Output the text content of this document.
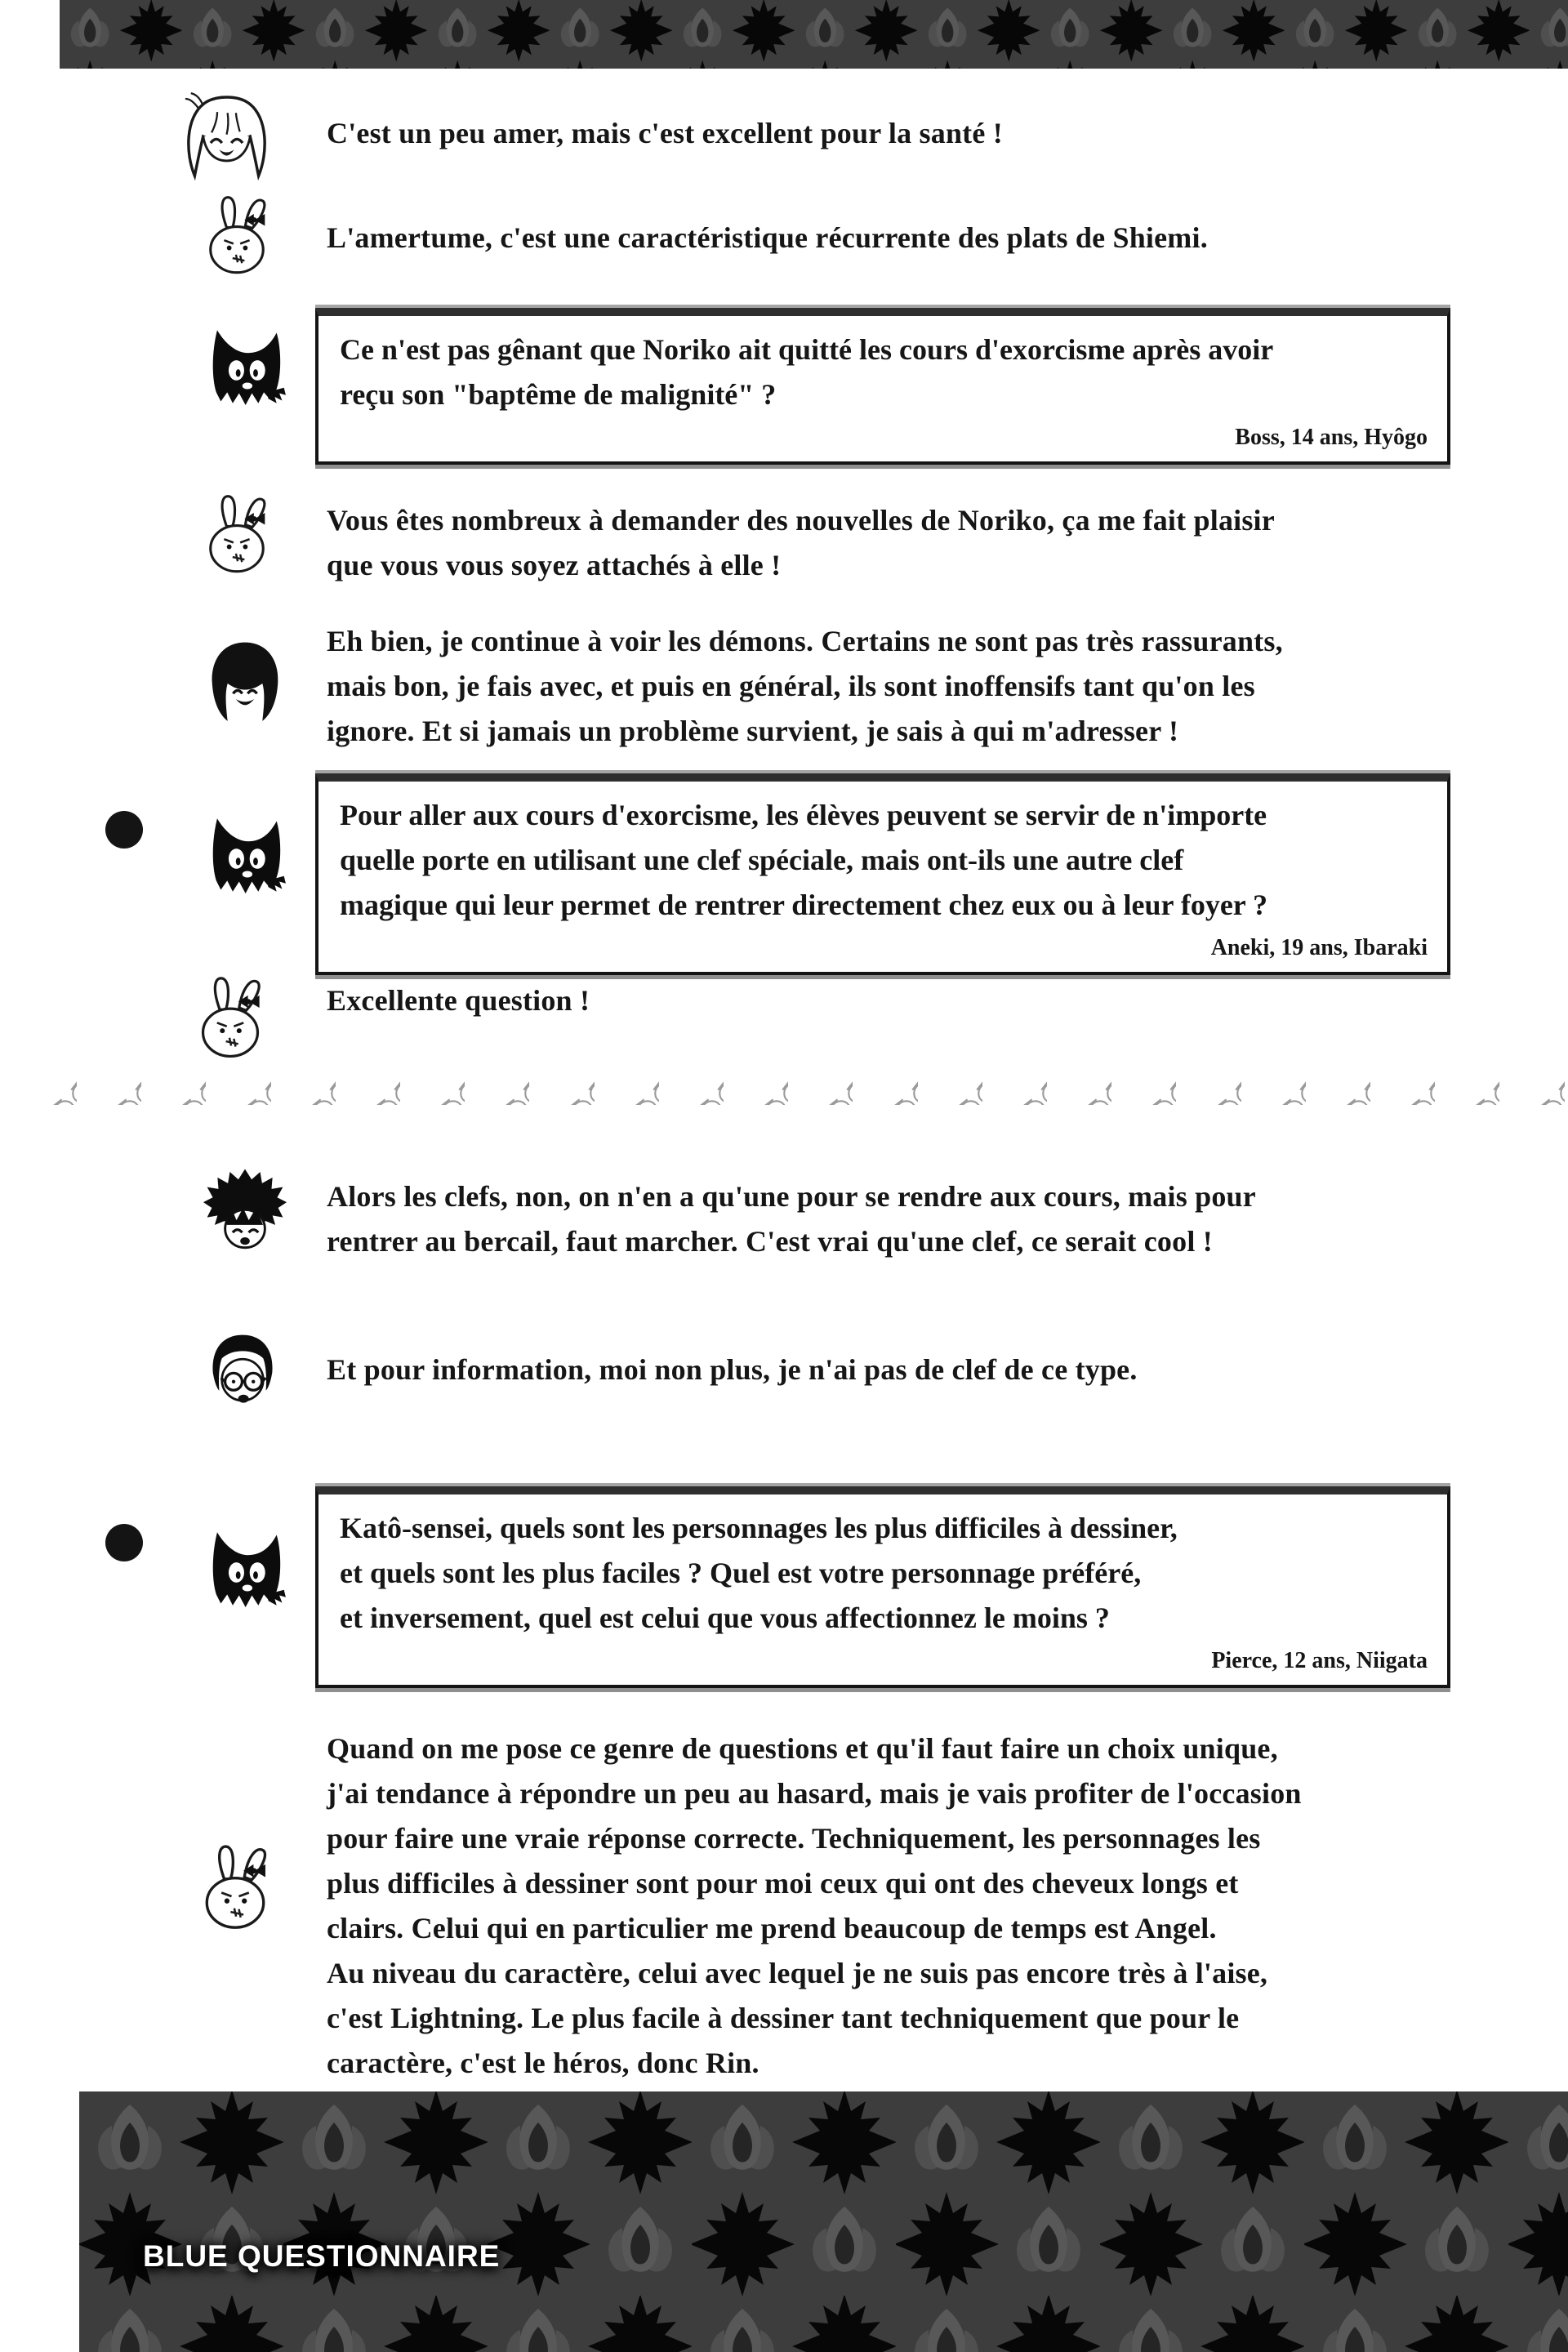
C'est un peu amer, mais c'est excellent pour la santé !
L'amertume, c'est une caractéristique récurrente des plats de Shiemi.
Ce n'est pas gênant que Noriko ait quitté les cours d'exorcisme après avoir
reçu son "baptême de malignité" ?
Boss, 14 ans, Hyôgo
Vous êtes nombreux à demander des nouvelles de Noriko, ça me fait plaisir
que vous vous soyez attachés à elle !
Eh bien, je continue à voir les démons. Certains ne sont pas très rassurants,
mais bon, je fais avec, et puis en général, ils sont inoffensifs tant qu'on les
ignore. Et si jamais un problème survient, je sais à qui m'adresser !
Pour aller aux cours d'exorcisme, les élèves peuvent se servir de n'importe
quelle porte en utilisant une clef spéciale, mais ont-ils une autre clef
magique qui leur permet de rentrer directement chez eux ou à leur foyer ?
Aneki, 19 ans, Ibaraki
Excellente question !
Alors les clefs, non, on n'en a qu'une pour se rendre aux cours, mais pour
rentrer au bercail, faut marcher. C'est vrai qu'une clef, ce serait cool !
Et pour information, moi non plus, je n'ai pas de clef de ce type.
Katô-sensei, quels sont les personnages les plus difficiles à dessiner,
et quels sont les plus faciles ? Quel est votre personnage préféré,
et inversement, quel est celui que vous affectionnez le moins ?
Pierce, 12 ans, Niigata
Quand on me pose ce genre de questions et qu'il faut faire un choix unique,
j'ai tendance à répondre un peu au hasard, mais je vais profiter de l'occasion
pour faire une vraie réponse correcte. Techniquement, les personnages les
plus difficiles à dessiner sont pour moi ceux qui ont des cheveux longs et
clairs. Celui qui en particulier me prend beaucoup de temps est Angel.
Au niveau du caractère, celui avec lequel je ne suis pas encore très à l'aise,
c'est Lightning. Le plus facile à dessiner tant techniquement que pour le
caractère, c'est le héros, donc Rin.
BLUE QUESTIONNAIRE
